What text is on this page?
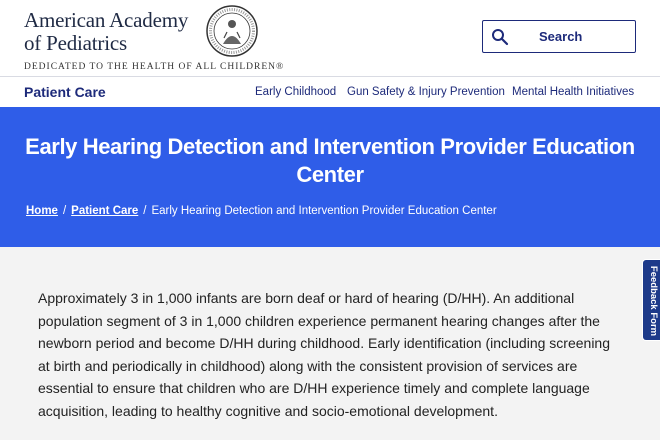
American Academy
of Pediatrics
DEDICATED TO THE HEALTH OF ALL CHILDREN®
Search
Patient Care	Early Childhood Gun Safety & Injury Prevention Mental Health Initiatives
Early Hearing Detection and Intervention Provider Education Center
Home / Patient Care / Early Hearing Detection and Intervention Provider Education Center

Approximately 3 in 1,000 infants are born deaf or hard of hearing (D/HH). An additional population segment of 3 in 1,000 children experience permanent hearing changes after the newborn period and become D/HH during childhood. Early identification (including screening at birth and periodically in childhood) along with the consistent provision of services are essential to ensure that children who are D/HH experience timely and complete language acquisition, leading to healthy cognitive and socio-emotional development.

Feedback Form
